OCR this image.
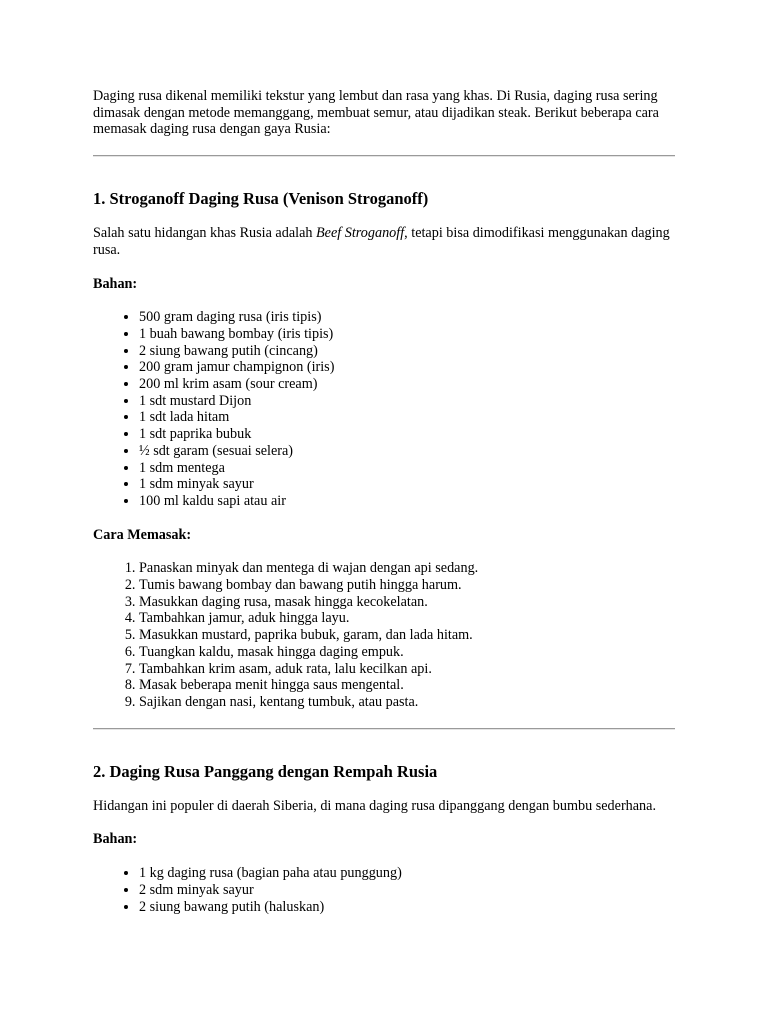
Daging rusa dikenal memiliki tekstur yang lembut dan rasa yang khas. Di Rusia, daging rusa sering dimasak dengan metode memanggang, membuat semur, atau dijadikan steak. Berikut beberapa cara memasak daging rusa dengan gaya Rusia:

1. Stroganoff Daging Rusa (Venison Stroganoff)

Salah satu hidangan khas Rusia adalah Beef Stroganoff, tetapi bisa dimodifikasi menggunakan daging rusa.

Bahan:

• 500 gram daging rusa (iris tipis)
• 1 buah bawang bombay (iris tipis)
• 2 siung bawang putih (cincang)
• 200 gram jamur champignon (iris)
• 200 ml krim asam (sour cream)
• 1 sdt mustard Dijon
• 1 sdt lada hitam
• 1 sdt paprika bubuk
• ½ sdt garam (sesuai selera)
• 1 sdm mentega
• 1 sdm minyak sayur
• 100 ml kaldu sapi atau air

Cara Memasak:

1. Panaskan minyak dan mentega di wajan dengan api sedang.
2. Tumis bawang bombay dan bawang putih hingga harum.
3. Masukkan daging rusa, masak hingga kecokelatan.
4. Tambahkan jamur, aduk hingga layu.
5. Masukkan mustard, paprika bubuk, garam, dan lada hitam.
6. Tuangkan kaldu, masak hingga daging empuk.
7. Tambahkan krim asam, aduk rata, lalu kecilkan api.
8. Masak beberapa menit hingga saus mengental.
9. Sajikan dengan nasi, kentang tumbuk, atau pasta.
2. Daging Rusa Panggang dengan Rempah Rusia

Hidangan ini populer di daerah Siberia, di mana daging rusa dipanggang dengan bumbu sederhana.

Bahan:

• 1 kg daging rusa (bagian paha atau punggung)
• 2 sdm minyak sayur
• 2 siung bawang putih (haluskan)
